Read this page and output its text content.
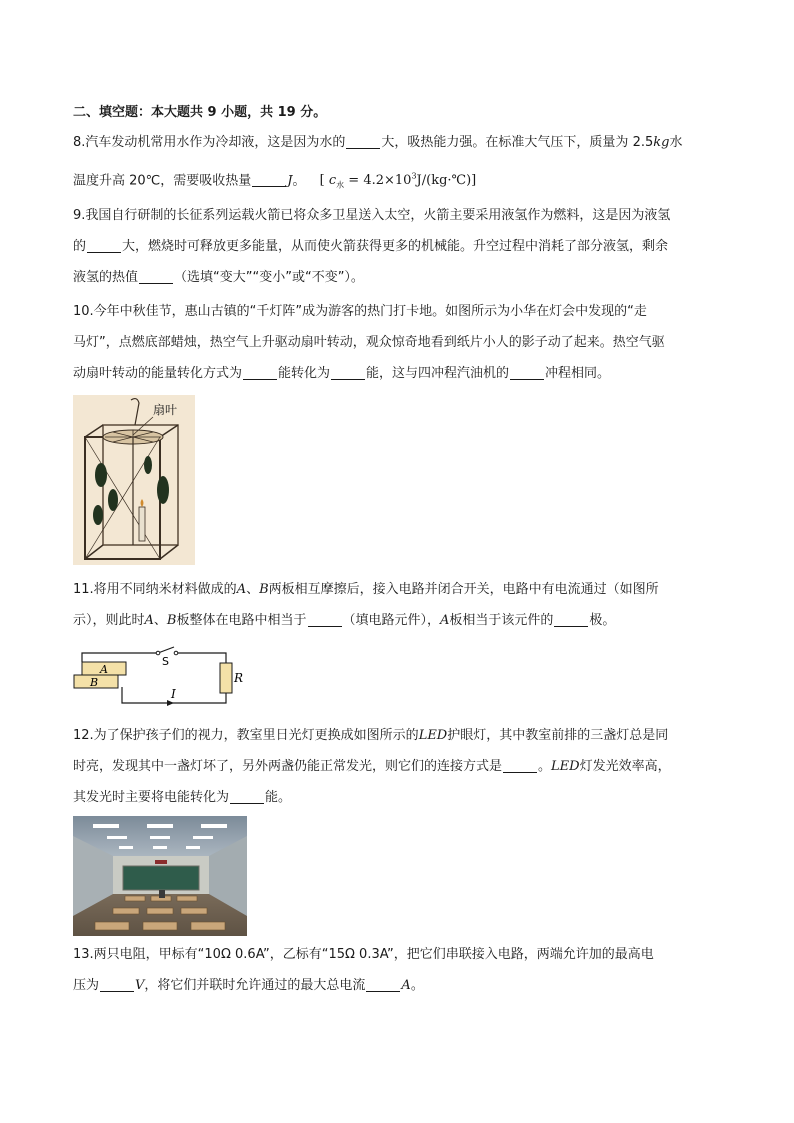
二、填空题：本大题共 9 小题，共 19 分。
8.汽车发动机常用水作为冷却液，这是因为水的	大，吸热能力强。在标准大气压下，质量为 2.5kg水
温度升高 20℃，需要吸收热量	J。 [ $c_水$ = $4.2\times 10^3J/(kg\cdot℃)$]
9.我国自行研制的长征系列运载火箭已将众多卫星送入太空，火箭主要采用液氢作为燃料，这是因为液氢
的	大，燃烧时可释放更多能量，从而使火箭获得更多的机械能。升空过程中消耗了部分液氢，剩余
液氢的热值	（选填“变大”“变小”或“不变”）。
10.今年中秋佳节，惠山古镇的“千灯阵”成为游客的热门打卡地。如图所示为小华在灯会中发现的“走
马灯”，点燃底部蜡烛，热空气上升驱动扇叶转动，观众惊奇地看到纸片小人的影子动了起来。热空气驱
动扇叶转动的能量转化方式为	能转化为	能，这与四冲程汽油机的	冲程相同。
扇叶
11.将用不同纳米材料做成的A、B两板相互摩擦后，接入电路并闭合开关，电路中有电流通过（如图所
示），则此时A、B板整体在电路中相当于	（填电路元件），A板相当于该元件的	极。
A
B
S
R
I
12.为了保护孩子们的视力，教室里日光灯更换成如图所示的LED护眼灯，其中教室前排的三盏灯总是同
时亮，发现其中一盏灯坏了，另外两盏仍能正常发光，则它们的连接方式是	。LED灯发光效率高，
其发光时主要将电能转化为	能。
13.两只电阻，甲标有“10Ω 0.6A”，乙标有“15Ω 0.3A”，把它们串联接入电路，两端允许加的最高电
压为	V，将它们并联时允许通过的最大总电流	A。
